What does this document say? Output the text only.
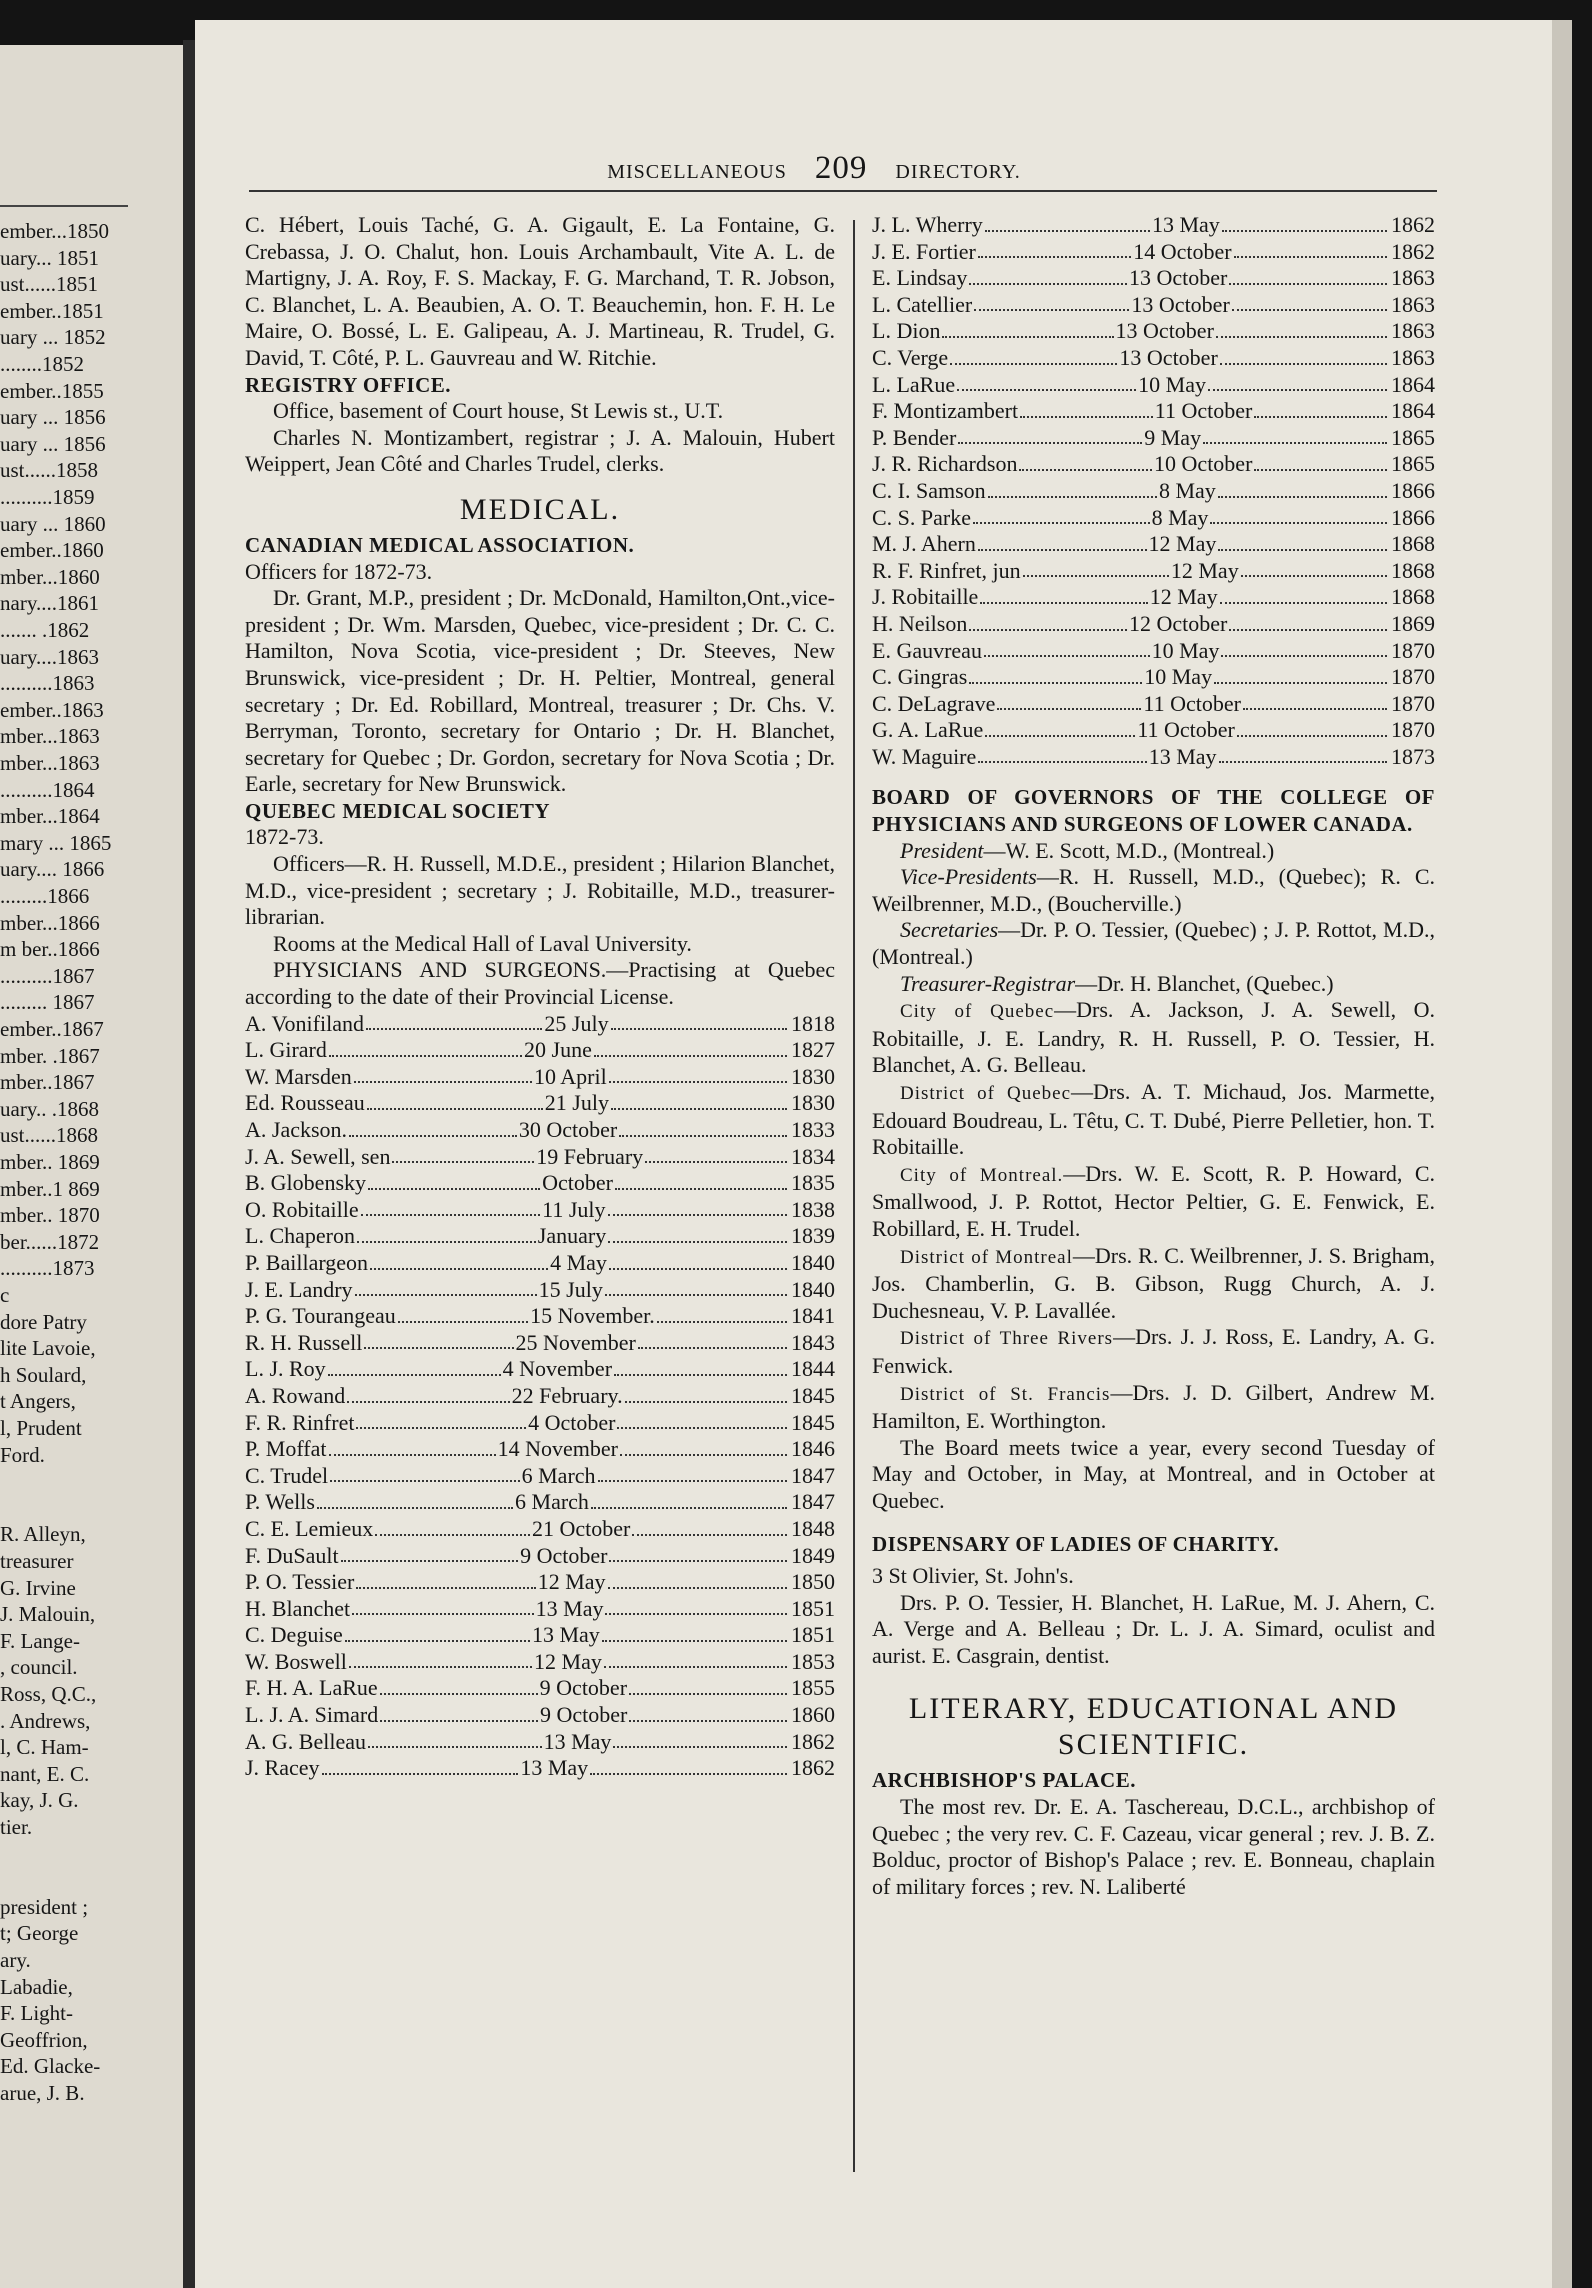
ember...1850
uary... 1851
ust......1851
ember..1851
uary ... 1852
........1852
ember..1855
uary ... 1856
uary ... 1856
ust......1858
..........1859
uary ... 1860
ember..1860
mber...1860
nary....1861
....... .1862
uary....1863
..........1863
ember..1863
mber...1863
mber...1863
..........1864
mber...1864
mary ... 1865
uary.... 1866
.........1866
mber...1866
m ber..1866
..........1867
......... 1867
ember..1867
mber. .1867
mber..1867
uary.. .1868
ust......1868
mber.. 1869
mber..1 869
mber.. 1870
ber......1872
..........1873
c
dore Patry
lite Lavoie,
h Soulard,
t Angers,
l, Prudent
Ford.
R. Alleyn,
treasurer
G. Irvine
J. Malouin,
F. Lange-
, council.
Ross, Q.C.,
. Andrews,
l, C. Ham-
nant, E. C.
kay, J. G.
tier.
president ;
t; George
ary.
Labadie,
F. Light-
Geoffrion,
Ed. Glacke-
arue, J. B.
MISCELLANEOUS 209 DIRECTORY.

C. Hébert, Louis Taché, G. A. Gigault, E. La Fontaine, G. Crebassa, J. O. Chalut, hon. Louis Archambault, Vite A. L. de Martigny, J. A. Roy, F. S. Mackay, F. G. Marchand, T. R. Jobson, C. Blanchet, L. A. Beaubien, A. O. T. Beauchemin, hon. F. H. Le Maire, O. Bossé, L. E. Galipeau, A. J. Martineau, R. Trudel, G. David, T. Côté, P. L. Gauvreau and W. Ritchie.

REGISTRY OFFICE.

Office, basement of Court house, St Lewis st., U.T.

Charles N. Montizambert, registrar ; J. A. Malouin, Hubert Weippert, Jean Côté and Charles Trudel, clerks.

MEDICAL.

CANADIAN MEDICAL ASSOCIATION.

Officers for 1872-73.

Dr. Grant, M.P., president ; Dr. McDonald, Hamilton,Ont.,vice-president ; Dr. Wm. Marsden, Quebec, vice-president ; Dr. C. C. Hamilton, Nova Scotia, vice-president ; Dr. Steeves, New Brunswick, vice-president ; Dr. H. Peltier, Montreal, general secretary ; Dr. Ed. Robillard, Montreal, treasurer ; Dr. Chs. V. Berryman, Toronto, secretary for Ontario ; Dr. H. Blanchet, secretary for Quebec ; Dr. Gordon, secretary for Nova Scotia ; Dr. Earle, secretary for New Brunswick.

QUEBEC MEDICAL SOCIETY

1872-73.

Officers—R. H. Russell, M.D.E., president ; Hilarion Blanchet, M.D., vice-president ; secretary ; J. Robitaille, M.D., treasurer-librarian.

Rooms at the Medical Hall of Laval University.

PHYSICIANS AND SURGEONS.—Practising at Quebec according to the date of their Provincial License.

A. Vonifiland	25 July	1818
L. Girard	20 June	1827
W. Marsden	10 April	1830
Ed. Rousseau	21 July	1830
A. Jackson.	30 October	1833
J. A. Sewell, sen	19 February	1834
B. Globensky	October	1835
O. Robitaille	11 July	1838
L. Chaperon	January	1839
P. Baillargeon	4 May	1840
J. E. Landry	15 July	1840
P. G. Tourangeau	15 November.	1841
R. H. Russell	25 November	1843
L. J. Roy	4 November	1844
A. Rowand	22 February.	1845
F. R. Rinfret	4 October	1845
P. Moffat	14 November	1846
C. Trudel	6 March	1847
P. Wells	6 March	1847
C. E. Lemieux	21 October	1848
F. DuSault	9 October	1849
P. O. Tessier	12 May	1850
H. Blanchet	13 May	1851
C. Deguise	13 May	1851
W. Boswell	12 May	1853
F. H. A. LaRue	9 October	1855
L. J. A. Simard	9 October	1860
A. G. Belleau	13 May	1862
J. Racey	13 May	1862
J. L. Wherry	13 May	1862
J. E. Fortier	14 October	1862
E. Lindsay	13 October	1863
L. Catellier	13 October	1863
L. Dion	13 October	1863
C. Verge	13 October	1863
L. LaRue	10 May	1864
F. Montizambert	11 October	1864
P. Bender	9 May	1865
J. R. Richardson	10 October	1865
C. I. Samson	8 May	1866
C. S. Parke	8 May	1866
M. J. Ahern	12 May	1868
R. F. Rinfret, jun	12 May	1868
J. Robitaille	12 May	1868
H. Neilson	12 October	1869
E. Gauvreau	10 May	1870
C. Gingras	10 May	1870
C. DeLagrave	11 October	1870
G. A. LaRue	11 October	1870
W. Maguire	13 May	1873

BOARD OF GOVERNORS OF THE COLLEGE OF PHYSICIANS AND SURGEONS OF LOWER CANADA.

President—W. E. Scott, M.D., (Montreal.)

Vice-Presidents—R. H. Russell, M.D., (Quebec); R. C. Weilbrenner, M.D., (Boucherville.)

Secretaries—Dr. P. O. Tessier, (Quebec) ; J. P. Rottot, M.D., (Montreal.)

Treasurer-Registrar—Dr. H. Blanchet, (Quebec.)

City of Quebec—Drs. A. Jackson, J. A. Sewell, O. Robitaille, J. E. Landry, R. H. Russell, P. O. Tessier, H. Blanchet, A. G. Belleau.

District of Quebec—Drs. A. T. Michaud, Jos. Marmette, Edouard Boudreau, L. Têtu, C. T. Dubé, Pierre Pelletier, hon. T. Robitaille.

City of Montreal.—Drs. W. E. Scott, R. P. Howard, C. Smallwood, J. P. Rottot, Hector Peltier, G. E. Fenwick, E. Robillard, E. H. Trudel.

District of Montreal—Drs. R. C. Weilbrenner, J. S. Brigham, Jos. Chamberlin, G. B. Gibson, Rugg Church, A. J. Duchesneau, V. P. Lavallée.

District of Three Rivers—Drs. J. J. Ross, E. Landry, A. G. Fenwick.

District of St. Francis—Drs. J. D. Gilbert, Andrew M. Hamilton, E. Worthington.

The Board meets twice a year, every second Tuesday of May and October, in May, at Montreal, and in October at Quebec.

DISPENSARY OF LADIES OF CHARITY.

3 St Olivier, St. John's.

Drs. P. O. Tessier, H. Blanchet, H. LaRue, M. J. Ahern, C. A. Verge and A. Belleau ; Dr. L. J. A. Simard, oculist and aurist. E. Casgrain, dentist.

LITERARY, EDUCATIONAL AND SCIENTIFIC.

ARCHBISHOP'S PALACE.

The most rev. Dr. E. A. Taschereau, D.C.L., archbishop of Quebec ; the very rev. C. F. Cazeau, vicar general ; rev. J. B. Z. Bolduc, proctor of Bishop's Palace ; rev. E. Bonneau, chaplain of military forces ; rev. N. Laliberté
